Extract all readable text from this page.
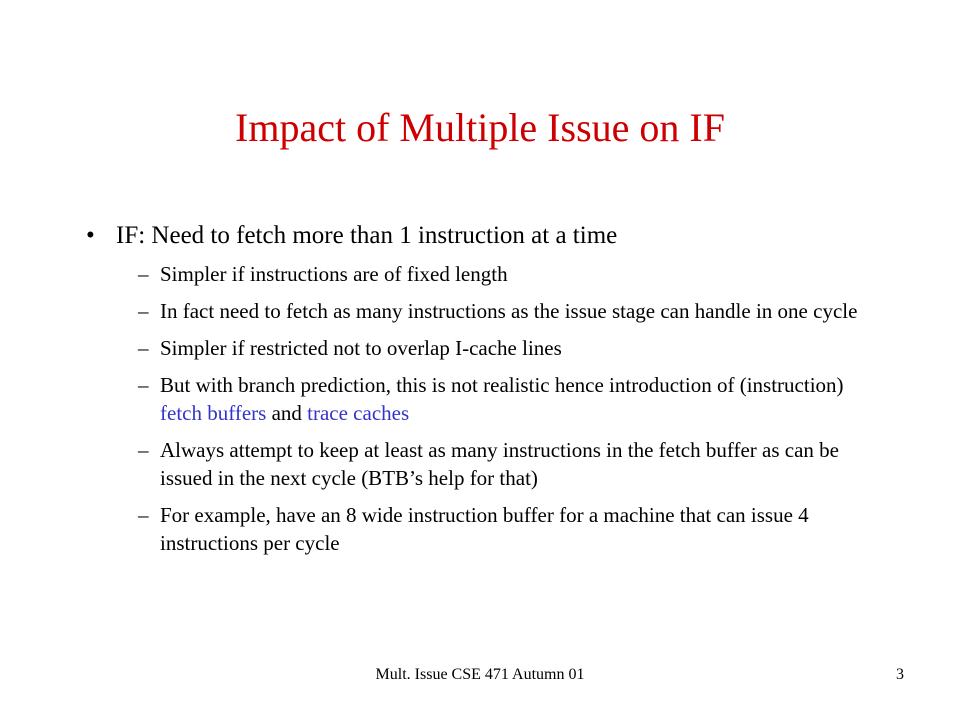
Impact of Multiple Issue on IF
• IF: Need to fetch more than 1 instruction at a time
– Simpler if instructions are of fixed length
– In fact need to fetch as many instructions as the issue stage can handle in one cycle
– Simpler if restricted not to overlap I-cache lines
– But with branch prediction, this is not realistic hence introduction of (instruction) fetch buffers and trace caches
– Always attempt to keep at least as many instructions in the fetch buffer as can be issued in the next cycle (BTB’s help for that)
– For example, have an 8 wide instruction buffer for a machine that can issue 4 instructions per cycle
Mult. Issue CSE 471 Autumn 01	3
